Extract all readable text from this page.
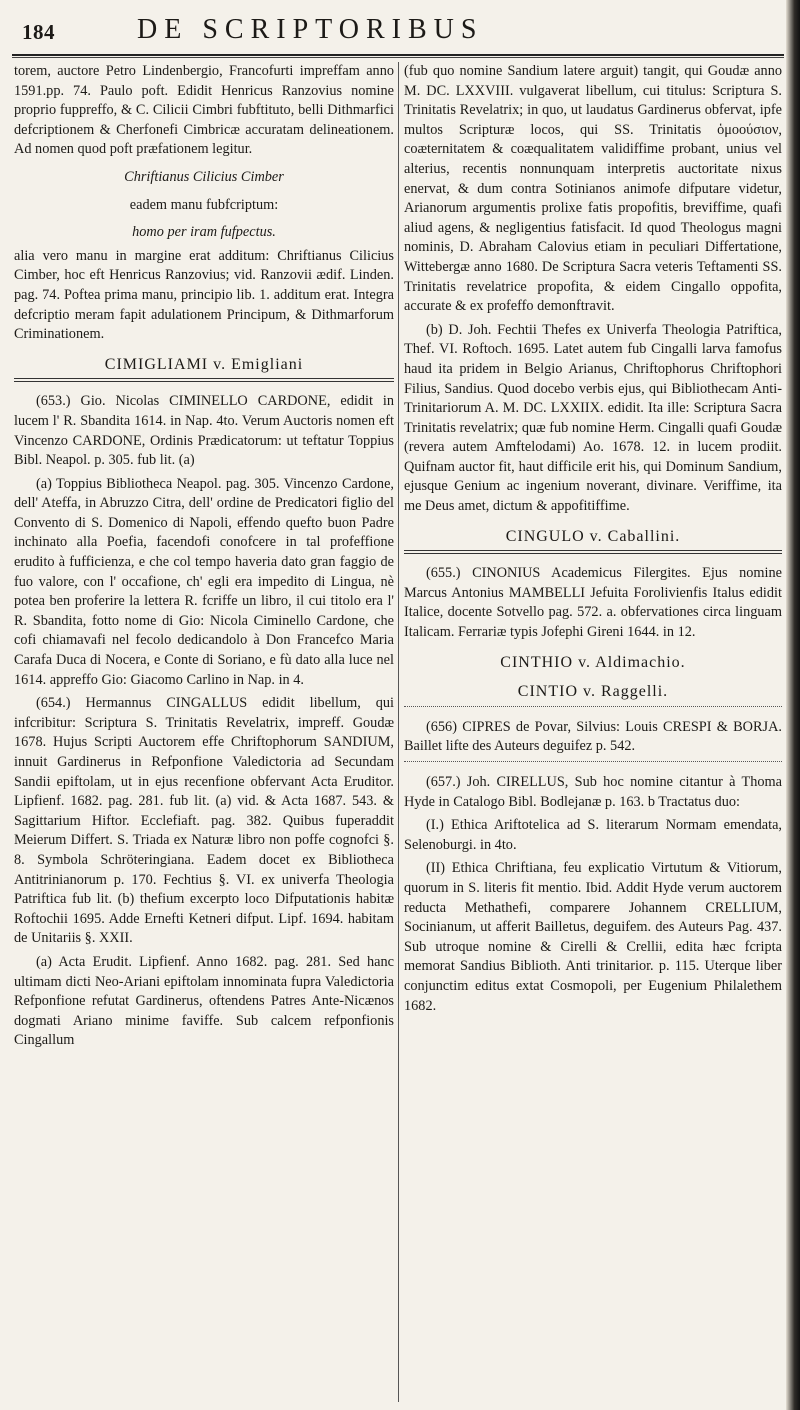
184	DE SCRIPTORIBUS

torem, auctore Petro Lindenbergio, Francofurti impreffam anno 1591.pp. 74. Paulo poft. Edidit Henricus Ranzovius nomine proprio fuppreffo, & C. Cilicii Cimbri fubftituto, belli Dithmarfici defcriptionem & Cherfonefi Cimbricæ accuratam delineationem. Ad nomen quod poft præfationem legitur.

Chriftianus Cilicius Cimber

eadem manu fubfcriptum:

homo per iram fufpectus.

alia vero manu in margine erat additum: Chriftianus Cilicius Cimber, hoc eft Henricus Ranzovius; vid. Ranzovii ædif. Linden. pag. 74. Poftea prima manu, principio lib. 1. additum erat. Integra defcriptio meram fapit adulationem Principum, & Dithmarforum Criminationem.

CIMIGLIAMI v. Emigliani

(653.) Gio. Nicolas CIMINELLO CARDONE, edidit in lucem l' R. Sbandita 1614. in Nap. 4to. Verum Auctoris nomen eft Vincenzo CARDONE, Ordinis Prædicatorum: ut teftatur Toppius Bibl. Neapol. p. 305. fub lit. (a)

(a) Toppius Bibliotheca Neapol. pag. 305. Vincenzo Cardone, dell' Ateffa, in Abruzzo Citra, dell' ordine de Predicatori figlio del Convento di S. Domenico di Napoli, effendo quefto buon Padre inchinato alla Poefia, facendofi conofcere in tal profeffione erudito à fufficienza, e che col tempo haveria dato gran faggio de fuo valore, con l' occafione, ch' egli era impedito di Lingua, nè potea ben proferire la lettera R. fcriffe un libro, il cui titolo era l' R. Sbandita, fotto nome di Gio: Nicola Ciminello Cardone, che cofi chiamavafi nel fecolo dedicandolo à Don Francefco Maria Carafa Duca di Nocera, e Conte di Soriano, e fù dato alla luce nel 1614. appreffo Gio: Giacomo Carlino in Nap. in 4.

(654.) Hermannus CINGALLUS edidit libellum, qui infcribitur: Scriptura S. Trinitatis Revelatrix, impreff. Goudæ 1678. Hujus Scripti Auctorem effe Chriftophorum SANDIUM, innuit Gardinerus in Refponfione Valedictoria ad Secundam Sandii epiftolam, ut in ejus recenfione obfervant Acta Eruditor. Lipfienf. 1682. pag. 281. fub lit. (a) vid. & Acta 1687. 543. & Sagittarium Hiftor. Ecclefiaft. pag. 382. Quibus fuperaddit Meierum Differt. S. Triada ex Naturæ libro non poffe cognofci §. 8. Symbola Schröteringiana. Eadem docet ex Bibliotheca Antitrinianorum p. 170. Fechtius §. VI. ex univerfa Theologia Patriftica fub lit. (b) thefium excerpto loco Difputationis habitæ Roftochii 1695. Adde Ernefti Ketneri difput. Lipf. 1694. habitam de Unitariis §. XXII.

(a) Acta Erudit. Lipfienf. Anno 1682. pag. 281. Sed hanc ultimam dicti Neo-Ariani epiftolam innominata fupra Valedictoria Refponfione refutat Gardinerus, oftendens Patres Ante-Nicænos dogmati Ariano minime faviffe. Sub calcem refponfionis Cingallum

(fub quo nomine Sandium latere arguit) tangit, qui Goudæ anno M. DC. LXXVIII. vulgaverat libellum, cui titulus: Scriptura S. Trinitatis Revelatrix; in quo, ut laudatus Gardinerus obfervat, ipfe multos Scripturæ locos, qui SS. Trinitatis ὁμοούσιον, coæternitatem & coæqualitatem validiffime probant, unius vel alterius, recentis nonnunquam interpretis auctoritate nixus enervat, & dum contra Sotinianos animofe difputare videtur, Arianorum argumentis prolixe fatis propofitis, breviffime, quafi aliud agens, & negligentius fatisfacit. Id quod Theologus magni nominis, D. Abraham Calovius etiam in peculiari Differtatione, Wittebergæ anno 1680. De Scriptura Sacra veteris Teftamenti SS. Trinitatis revelatrice propofita, & eidem Cingallo oppofita, accurate & ex profeffo demonftravit.

(b) D. Joh. Fechtii Thefes ex Univerfa Theologia Patriftica, Thef. VI. Roftoch. 1695. Latet autem fub Cingalli larva famofus haud ita pridem in Belgio Arianus, Chriftophorus Chriftophori Filius, Sandius. Quod docebo verbis ejus, qui Bibliothecam Anti-Trinitariorum A. M. DC. LXXIIX. edidit. Ita ille: Scriptura Sacra Trinitatis revelatrix; quæ fub nomine Herm. Cingalli quafi Goudæ (revera autem Amftelodami) Ao. 1678. 12. in lucem prodiit. Quifnam auctor fit, haut difficile erit his, qui Dominum Sandium, ejusque Genium ac ingenium noverant, divinare. Veriffime, ita me Deus amet, dictum & appofitiffime.

CINGULO v. Caballini.

(655.) CINONIUS Academicus Filergites. Ejus nomine Marcus Antonius MAMBELLI Jefuita Forolivienfis Italus edidit Italice, docente Sotvello pag. 572. a. obfervationes circa linguam Italicam. Ferrariæ typis Jofephi Gireni 1644. in 12.

CINTHIO v. Aldimachio.
CINTIO v. Raggelli.

(656) CIPRES de Povar, Silvius: Louis CRESPI & BORJA. Baillet lifte des Auteurs deguifez p. 542.

(657.) Joh. CIRELLUS, Sub hoc nomine citantur à Thoma Hyde in Catalogo Bibl. Bodlejanæ p. 163. b Tractatus duo:

(I.) Ethica Ariftotelica ad S. literarum Normam emendata, Selenoburgi. in 4to.

(II) Ethica Chriftiana, feu explicatio Virtutum & Vitiorum, quorum in S. literis fit mentio. Ibid. Addit Hyde verum auctorem reducta Methathefi, comparere Johannem CRELLIUM, Socinianum, ut afferit Bailletus, deguifem. des Auteurs Pag. 437. Sub utroque nomine & Cirelli & Crellii, edita hæc fcripta memorat Sandius Biblioth. Anti trinitarior. p. 115. Uterque liber conjunctim editus extat Cosmopoli, per Eugenium Philalethem 1682.
